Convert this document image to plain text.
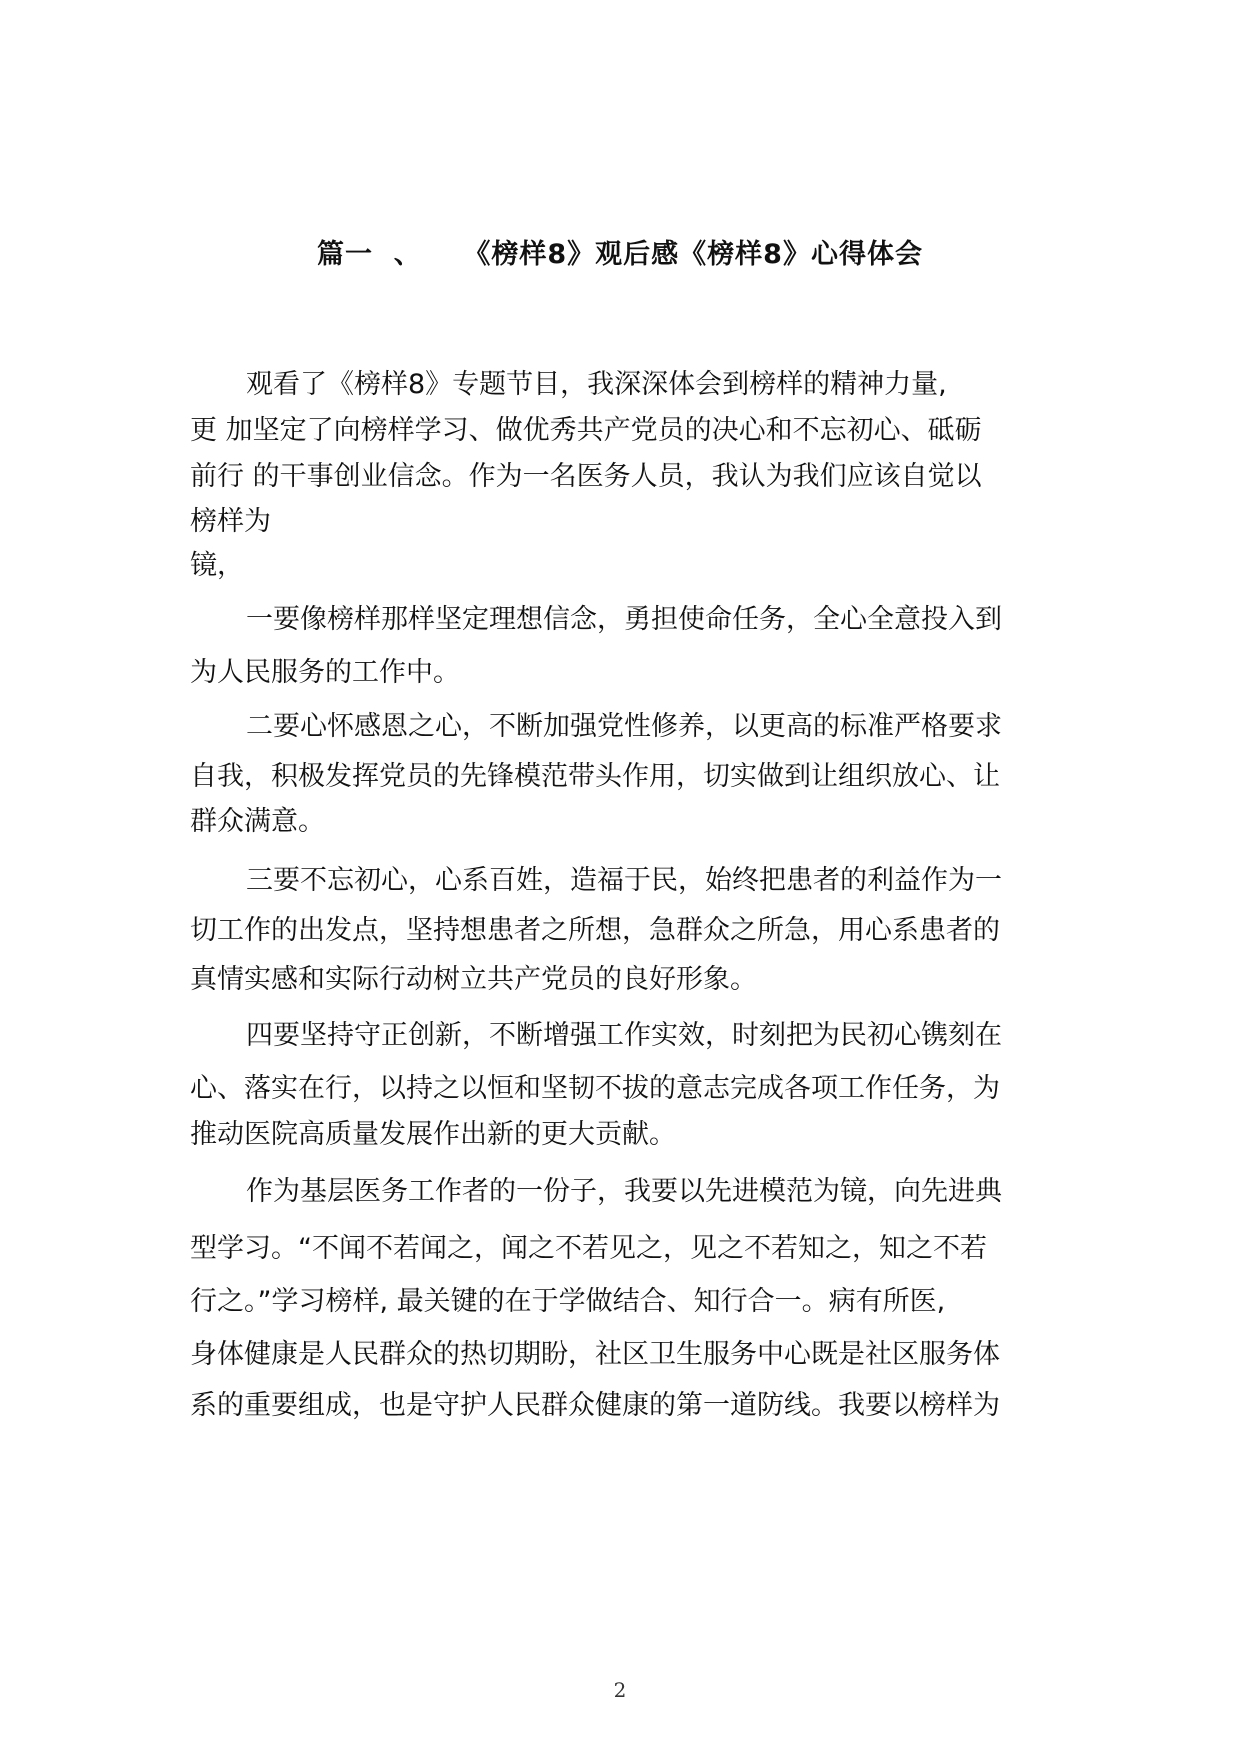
篇一  、    《榜样8》观后感《榜样8》心得体会
观看了《榜样8》专题节目，我深深体会到榜样的精神力量,
更 加坚定了向榜样学习、做优秀共产党员的决心和不忘初心、砥砺
前行 的干事创业信念。作为一名医务人员，我认为我们应该自觉以
榜样为
镜，
一要像榜样那样坚定理想信念，勇担使命任务，全心全意投入到
为人民服务的工作中。
二要心怀感恩之心，不断加强党性修养，以更高的标准严格要求
自我，积极发挥党员的先锋模范带头作用，切实做到让组织放心、让
群众满意。
三要不忘初心，心系百姓，造福于民，始终把患者的利益作为一
切工作的出发点，坚持想患者之所想，急群众之所急，用心系患者的
真情实感和实际行动树立共产党员的良好形象。
四要坚持守正创新，不断增强工作实效，时刻把为民初心镌刻在
心、落实在行，以持之以恒和坚韧不拔的意志完成各项工作任务，为
推动医院高质量发展作出新的更大贡献。
作为基层医务工作者的一份子，我要以先进模范为镜，向先进典
型学习。“不闻不若闻之，闻之不若见之，见之不若知之，知之不若
行之。”学习榜样, 最关键的在于学做结合、知行合一。病有所医,
身体健康是人民群众的热切期盼，社区卫生服务中心既是社区服务体
系的重要组成，也是守护人民群众健康的第一道防线。我要以榜样为
2
